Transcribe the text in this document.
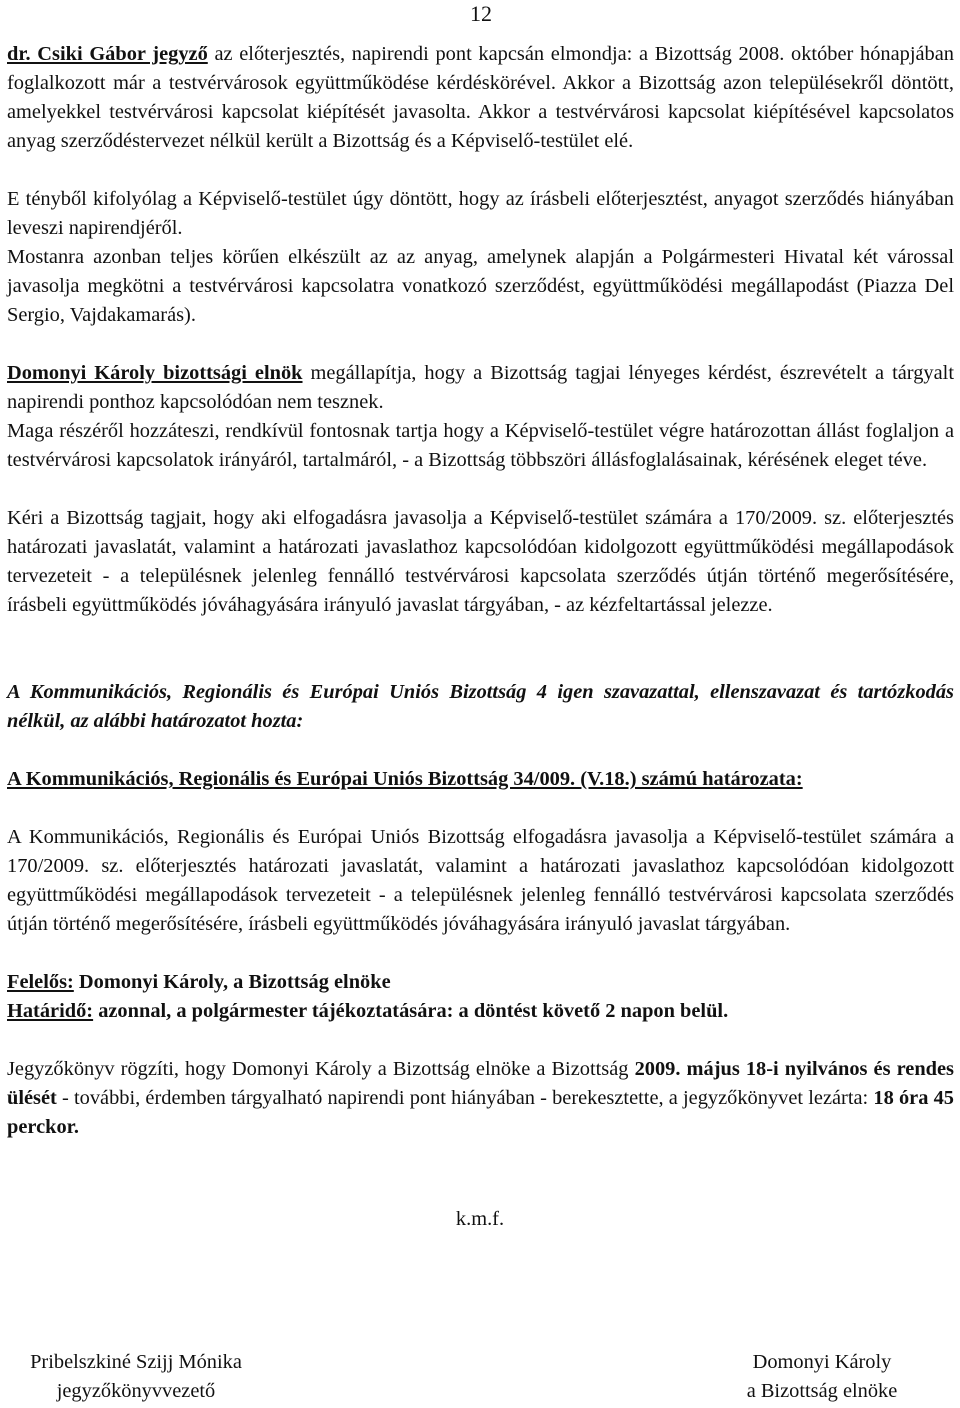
12

dr. Csiki Gábor jegyző az előterjesztés, napirendi pont kapcsán elmondja: a Bizottság 2008. október hónapjában foglalkozott már a testvérvárosok együttműködése kérdéskörével. Akkor a Bizottság azon településekről döntött, amelyekkel testvérvárosi kapcsolat kiépítését javasolta. Akkor a testvérvárosi kapcsolat kiépítésével kapcsolatos anyag szerződéstervezet nélkül került a Bizottság és a Képviselő-testület elé.

E tényből kifolyólag a Képviselő-testület úgy döntött, hogy az írásbeli előterjesztést, anyagot szerződés hiányában leveszi napirendjéről.

Mostanra azonban teljes körűen elkészült az az anyag, amelynek alapján a Polgármesteri Hivatal két várossal javasolja megkötni a testvérvárosi kapcsolatra vonatkozó szerződést, együttműködési megállapodást (Piazza Del Sergio, Vajdakamarás).

Domonyi Károly bizottsági elnök megállapítja, hogy a Bizottság tagjai lényeges kérdést, észrevételt a tárgyalt napirendi ponthoz kapcsolódóan nem tesznek.

Maga részéről hozzáteszi, rendkívül fontosnak tartja hogy a Képviselő-testület végre határozottan állást foglaljon a testvérvárosi kapcsolatok irányáról, tartalmáról, - a Bizottság többszöri állásfoglalásainak, kérésének eleget téve.

Kéri a Bizottság tagjait, hogy aki elfogadásra javasolja a Képviselő-testület számára a 170/2009. sz. előterjesztés határozati javaslatát, valamint a határozati javaslathoz kapcsolódóan kidolgozott együttműködési megállapodások tervezeteit - a településnek jelenleg fennálló testvérvárosi kapcsolata szerződés útján történő megerősítésére, írásbeli együttműködés jóváhagyására irányuló javaslat tárgyában, - az kézfeltartással jelezze.

A Kommunikációs, Regionális és Európai Uniós Bizottság 4 igen szavazattal, ellenszavazat és tartózkodás nélkül, az alábbi határozatot hozta:

A Kommunikációs, Regionális és Európai Uniós Bizottság 34/009. (V.18.) számú határozata:

A Kommunikációs, Regionális és Európai Uniós Bizottság elfogadásra javasolja a Képviselő-testület számára a 170/2009. sz. előterjesztés határozati javaslatát, valamint a határozati javaslathoz kapcsolódóan kidolgozott együttműködési megállapodások tervezeteit - a településnek jelenleg fennálló testvérvárosi kapcsolata szerződés útján történő megerősítésére, írásbeli együttműködés jóváhagyására irányuló javaslat tárgyában.

Felelős: Domonyi Károly, a Bizottság elnöke

Határidő: azonnal, a polgármester tájékoztatására: a döntést követő 2 napon belül.

Jegyzőkönyv rögzíti, hogy Domonyi Károly a Bizottság elnöke a Bizottság 2009. május 18-i nyilvános és rendes ülését - további, érdemben tárgyalható napirendi pont hiányában - berekesztette, a jegyzőkönyvet lezárta: 18 óra 45 perckor.

k.m.f.

Pribelszkiné Szijj Mónika
jegyzőkönyvvezető

Domonyi Károly
a Bizottság elnöke
